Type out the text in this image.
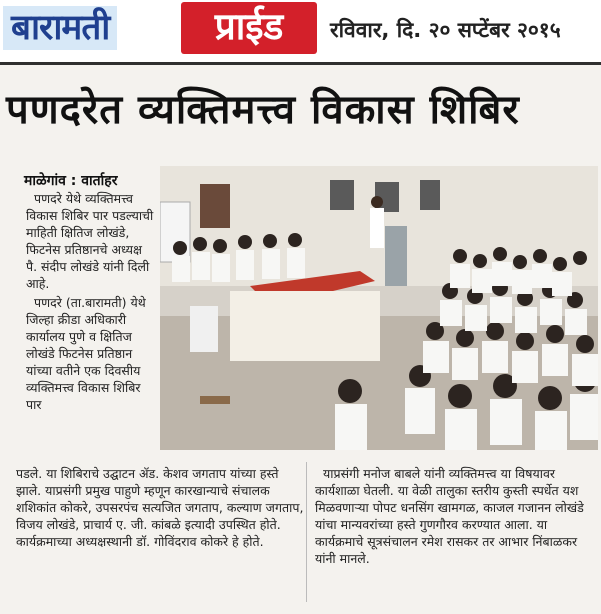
बारामती	प्राईड	रविवार, दि. २० सप्टेंबर २०१५
पणदरेत व्यक्तिमत्त्व विकास शिबिर
माळेगांव : वार्ताहर

पणदरे येथे व्यक्तिमत्त्व विकास शिबिर पार पडल्याची माहिती क्षितिज लोखंडे, फिटनेस प्रतिष्ठानचे अध्यक्ष पै. संदीप लोखंडे यांनी दिली आहे.

पणदरे (ता.बारामती) येथे जिल्हा क्रीडा अधिकारी कार्यालय पुणे व क्षितिज लोखंडे फिटनेस प्रतिष्ठान यांच्या वतीने एक दिवसीय व्यक्तिमत्त्व विकास शिबिर पार

पडले. या शिबिराचे उद्घाटन ॲड. केशव जगताप यांच्या हस्ते झाले. याप्रसंगी प्रमुख पाहुणे म्हणून कारखान्याचे संचालक शशिकांत कोकरे, उपसरपंच सत्यजित जगताप, कल्याण जगताप, विजय लोखंडे, प्राचार्य ए. जी. कांबळे इत्यादी उपस्थित होते. कार्यक्रमाच्या अध्यक्षस्थानी डॉ. गोविंदराव कोकरे हे होते.

याप्रसंगी मनोज बाबले यांनी व्यक्तिमत्त्व या विषयावर कार्यशाळा घेतली. या वेळी तालुका स्तरीय कुस्ती स्पर्धेत यश मिळवणाऱ्या पोपट धनसिंग खामगळ, काजल गजानन लोखंडे यांचा मान्यवरांच्या हस्ते गुणगौरव करण्यात आला. या कार्यक्रमाचे सूत्रसंचालन रमेश रासकर तर आभार निंबाळकर यांनी मानले.
